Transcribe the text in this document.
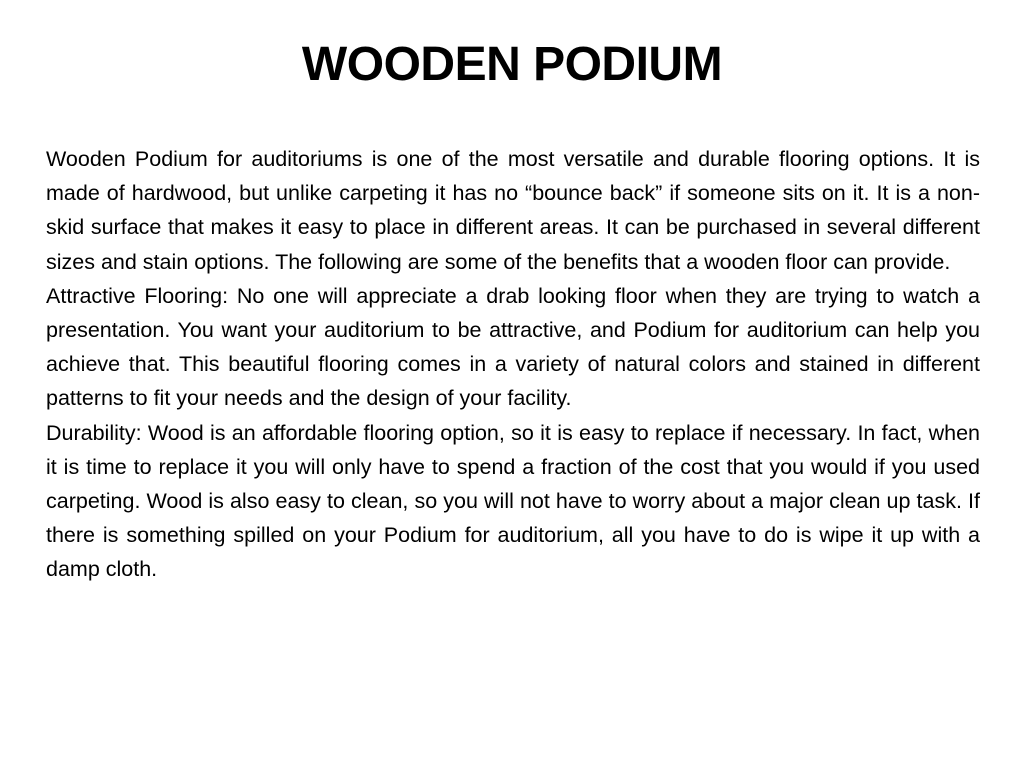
WOODEN PODIUM

Wooden Podium for auditoriums is one of the most versatile and durable flooring options. It is made of hardwood, but unlike carpeting it has no “bounce back” if someone sits on it. It is a non-skid surface that makes it easy to place in different areas. It can be purchased in several different sizes and stain options. The following are some of the benefits that a wooden floor can provide.

Attractive Flooring: No one will appreciate a drab looking floor when they are trying to watch a presentation. You want your auditorium to be attractive, and Podium for auditorium can help you achieve that. This beautiful flooring comes in a variety of natural colors and stained in different patterns to fit your needs and the design of your facility.

Durability: Wood is an affordable flooring option, so it is easy to replace if necessary. In fact, when it is time to replace it you will only have to spend a fraction of the cost that you would if you used carpeting. Wood is also easy to clean, so you will not have to worry about a major clean up task. If there is something spilled on your Podium for auditorium, all you have to do is wipe it up with a damp cloth.
